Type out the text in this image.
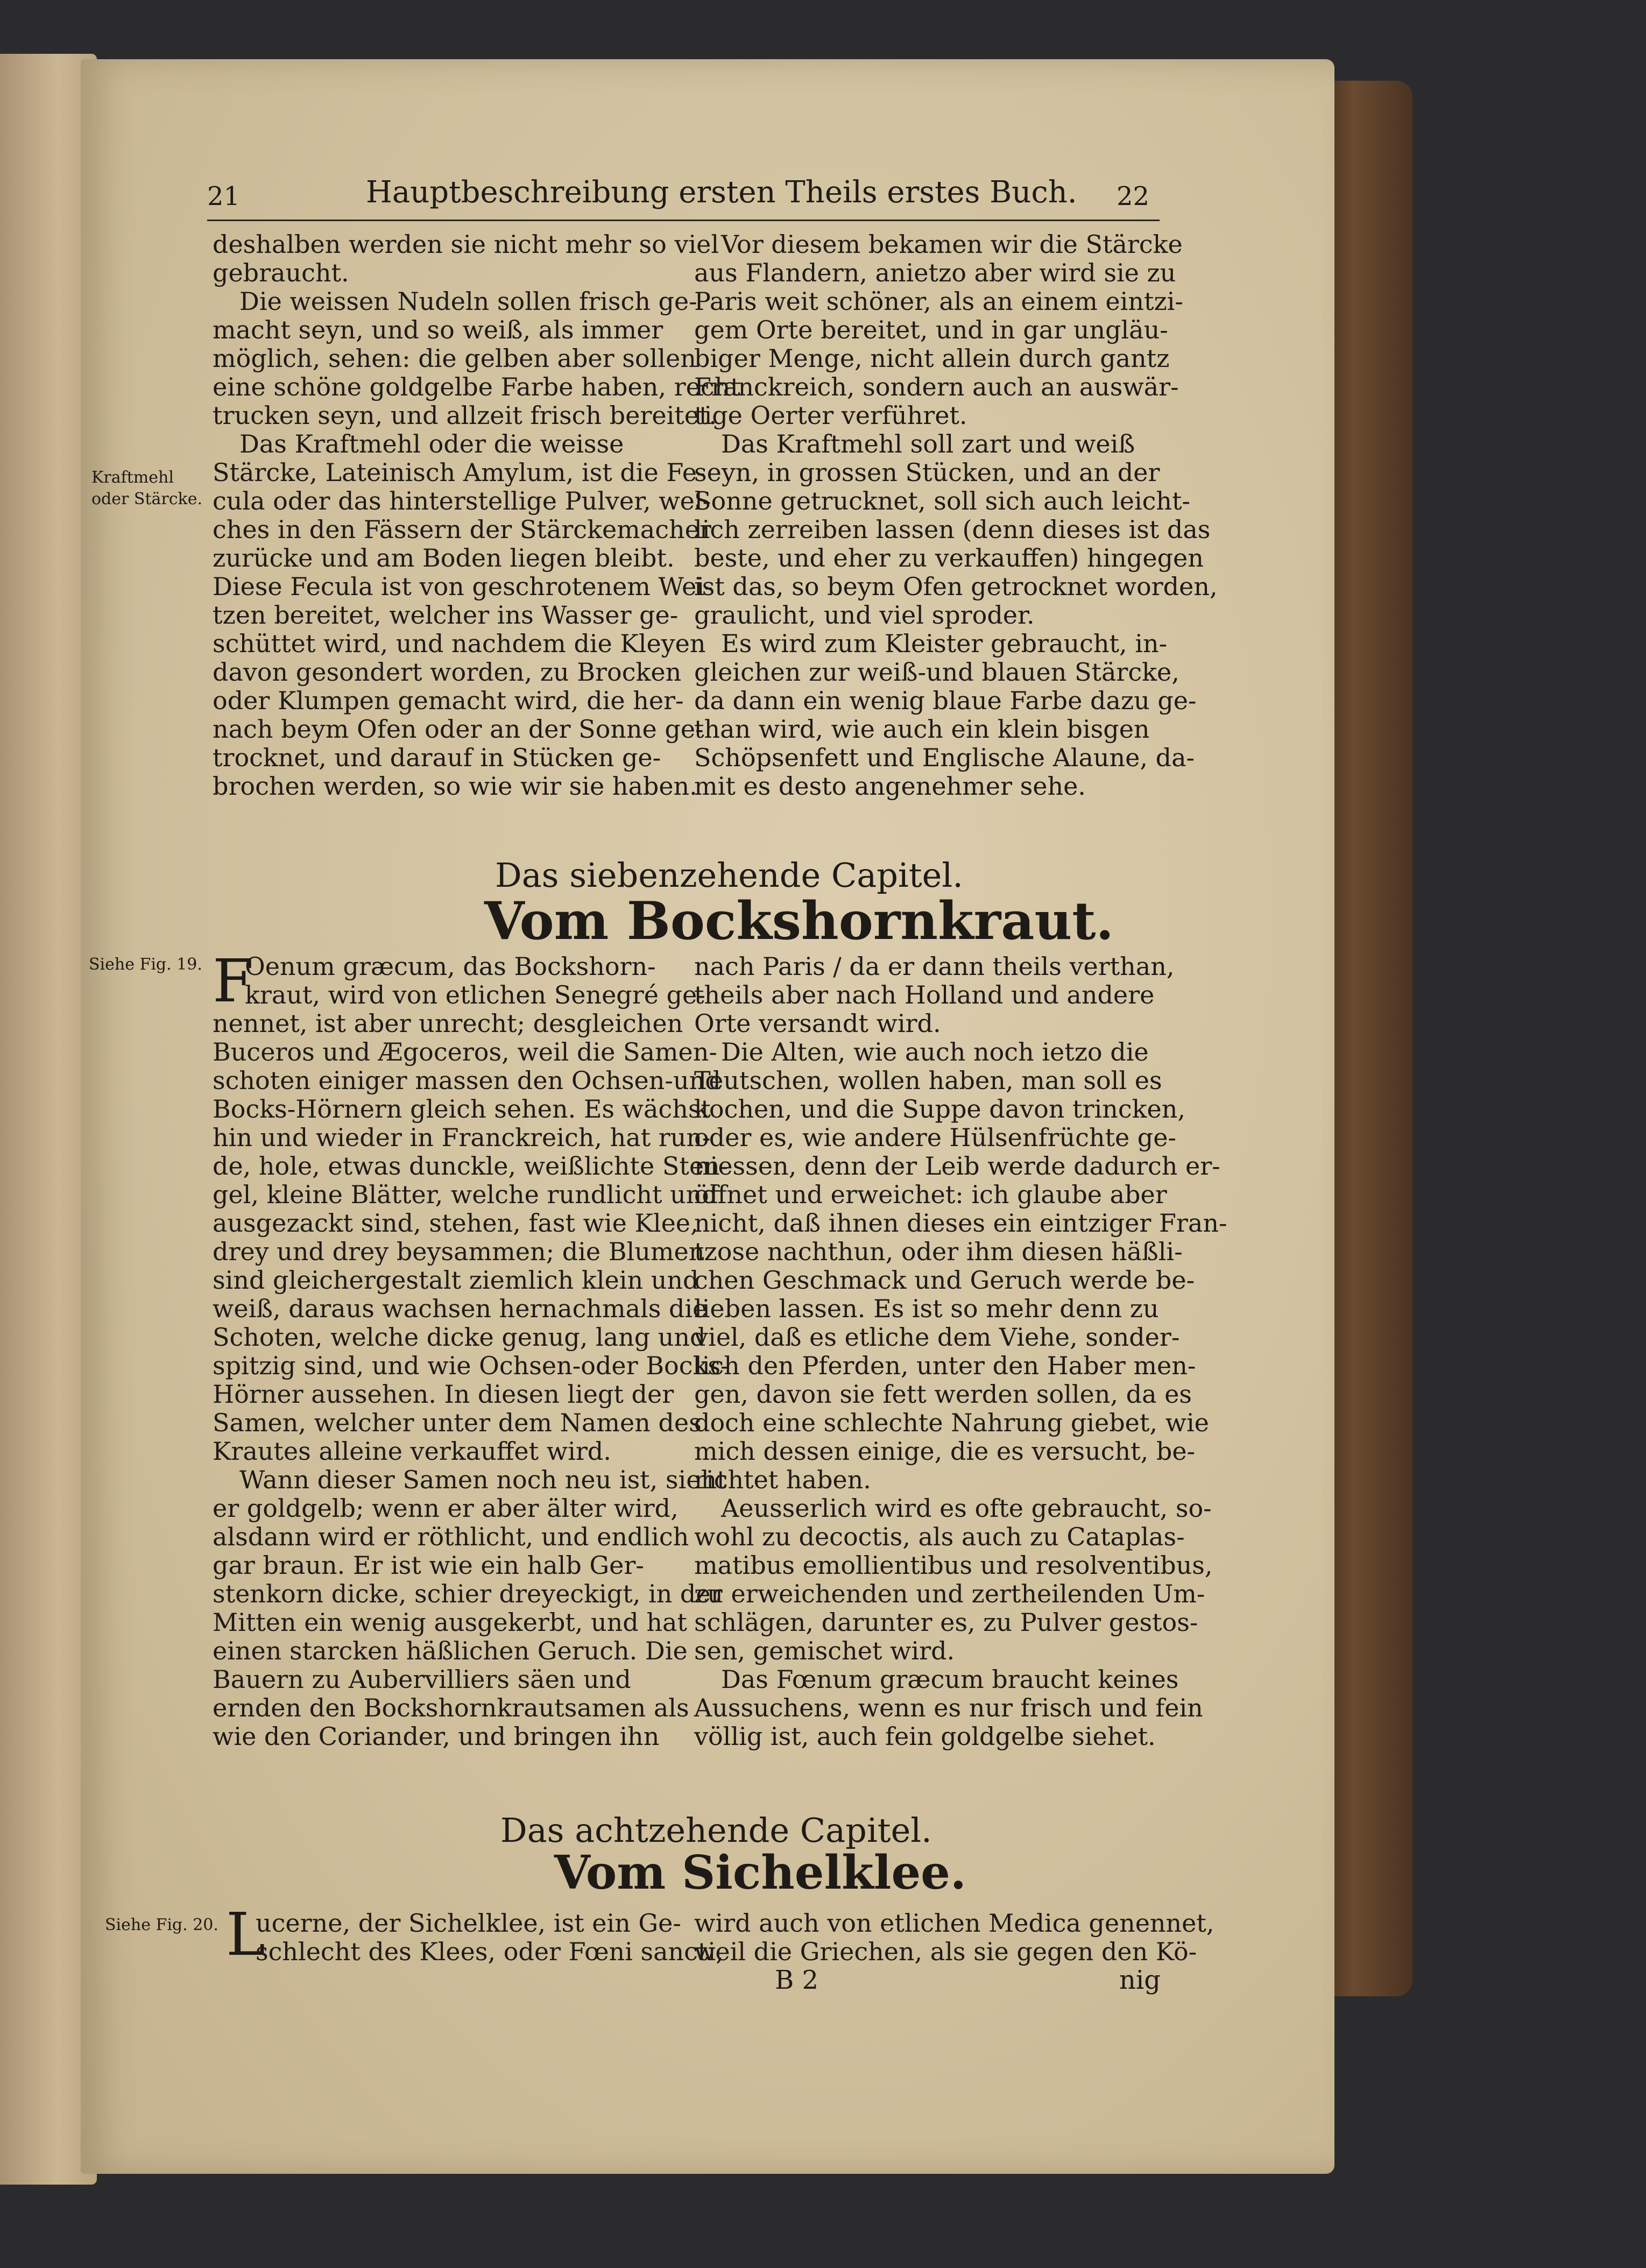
21	Hauptbeschreibung ersten Theils erstes Buch. 22
Kraftmehl
oder Stärcke.

deshalben werden sie nicht mehr so viel

gebraucht.

Die weissen Nudeln sollen frisch ge-

macht seyn, und so weiß, als immer

möglich, sehen: die gelben aber sollen

eine schöne goldgelbe Farbe haben, recht

trucken seyn, und allzeit frisch bereitet.

Das Kraftmehl oder die weisse

Stärcke, Lateinisch Amylum, ist die Fe-

cula oder das hinterstellige Pulver, wel-

ches in den Fässern der Stärckemacher

zurücke und am Boden liegen bleibt.

Diese Fecula ist von geschrotenem Wei-

tzen bereitet, welcher ins Wasser ge-

schüttet wird, und nachdem die Kleyen

davon gesondert worden, zu Brocken

oder Klumpen gemacht wird, die her-

nach beym Ofen oder an der Sonne ge-

trocknet, und darauf in Stücken ge-

brochen werden, so wie wir sie haben.

Vor diesem bekamen wir die Stärcke

aus Flandern, anietzo aber wird sie zu

Paris weit schöner, als an einem eintzi-

gem Orte bereitet, und in gar ungläu-

biger Menge, nicht allein durch gantz

Franckreich, sondern auch an auswär-

tige Oerter verführet.

Das Kraftmehl soll zart und weiß

seyn, in grossen Stücken, und an der

Sonne getrucknet, soll sich auch leicht-

lich zerreiben lassen (denn dieses ist das

beste, und eher zu verkauffen) hingegen

ist das, so beym Ofen getrocknet worden,

graulicht, und viel sproder.

Es wird zum Kleister gebraucht, in-

gleichen zur weiß-und blauen Stärcke,

da dann ein wenig blaue Farbe dazu ge-

than wird, wie auch ein klein bisgen

Schöpsenfett und Englische Alaune, da-

mit es desto angenehmer sehe.

Das siebenzehende Capitel.
Vom Bockshornkraut.
Siehe Fig. 19. F

Oenum græcum, das Bockshorn-

kraut, wird von etlichen Senegré ge-

nennet, ist aber unrecht; desgleichen

Buceros und Ægoceros, weil die Samen-

schoten einiger massen den Ochsen-und

Bocks-Hörnern gleich sehen. Es wächst

hin und wieder in Franckreich, hat run-

de, hole, etwas dunckle, weißlichte Sten-

gel, kleine Blätter, welche rundlicht und

ausgezackt sind, stehen, fast wie Klee,

drey und drey beysammen; die Blumen

sind gleichergestalt ziemlich klein und

weiß, daraus wachsen hernachmals die

Schoten, welche dicke genug, lang und

spitzig sind, und wie Ochsen-oder Bocks-

Hörner aussehen. In diesen liegt der

Samen, welcher unter dem Namen des

Krautes alleine verkauffet wird.

Wann dieser Samen noch neu ist, sieht

er goldgelb; wenn er aber älter wird,

alsdann wird er röthlicht, und endlich

gar braun. Er ist wie ein halb Ger-

stenkorn dicke, schier dreyeckigt, in der

Mitten ein wenig ausgekerbt, und hat

einen starcken häßlichen Geruch. Die

Bauern zu Aubervilliers säen und

ernden den Bockshornkrautsamen als

wie den Coriander, und bringen ihn

nach Paris / da er dann theils verthan,

theils aber nach Holland und andere

Orte versandt wird.

Die Alten, wie auch noch ietzo die

Teutschen, wollen haben, man soll es

kochen, und die Suppe davon trincken,

oder es, wie andere Hülsenfrüchte ge-

niessen, denn der Leib werde dadurch er-

öffnet und erweichet: ich glaube aber

nicht, daß ihnen dieses ein eintziger Fran-

tzose nachthun, oder ihm diesen häßli-

chen Geschmack und Geruch werde be-

lieben lassen. Es ist so mehr denn zu

viel, daß es etliche dem Viehe, sonder-

lich den Pferden, unter den Haber men-

gen, davon sie fett werden sollen, da es

doch eine schlechte Nahrung giebet, wie

mich dessen einige, die es versucht, be-

richtet haben.

Aeusserlich wird es ofte gebraucht, so-

wohl zu decoctis, als auch zu Cataplas-

matibus emollientibus und resolventibus,

zu erweichenden und zertheilenden Um-

schlägen, darunter es, zu Pulver gestos-

sen, gemischet wird.

Das Fœnum græcum braucht keines

Aussuchens, wenn es nur frisch und fein

völlig ist, auch fein goldgelbe siehet.

Das achtzehende Capitel.
Vom Sichelklee.
Siehe Fig. 20. L

ucerne, der Sichelklee, ist ein Ge-

schlecht des Klees, oder Fœni sancti,

wird auch von etlichen Medica genennet,

weil die Griechen, als sie gegen den Kö-

B 2	nig
